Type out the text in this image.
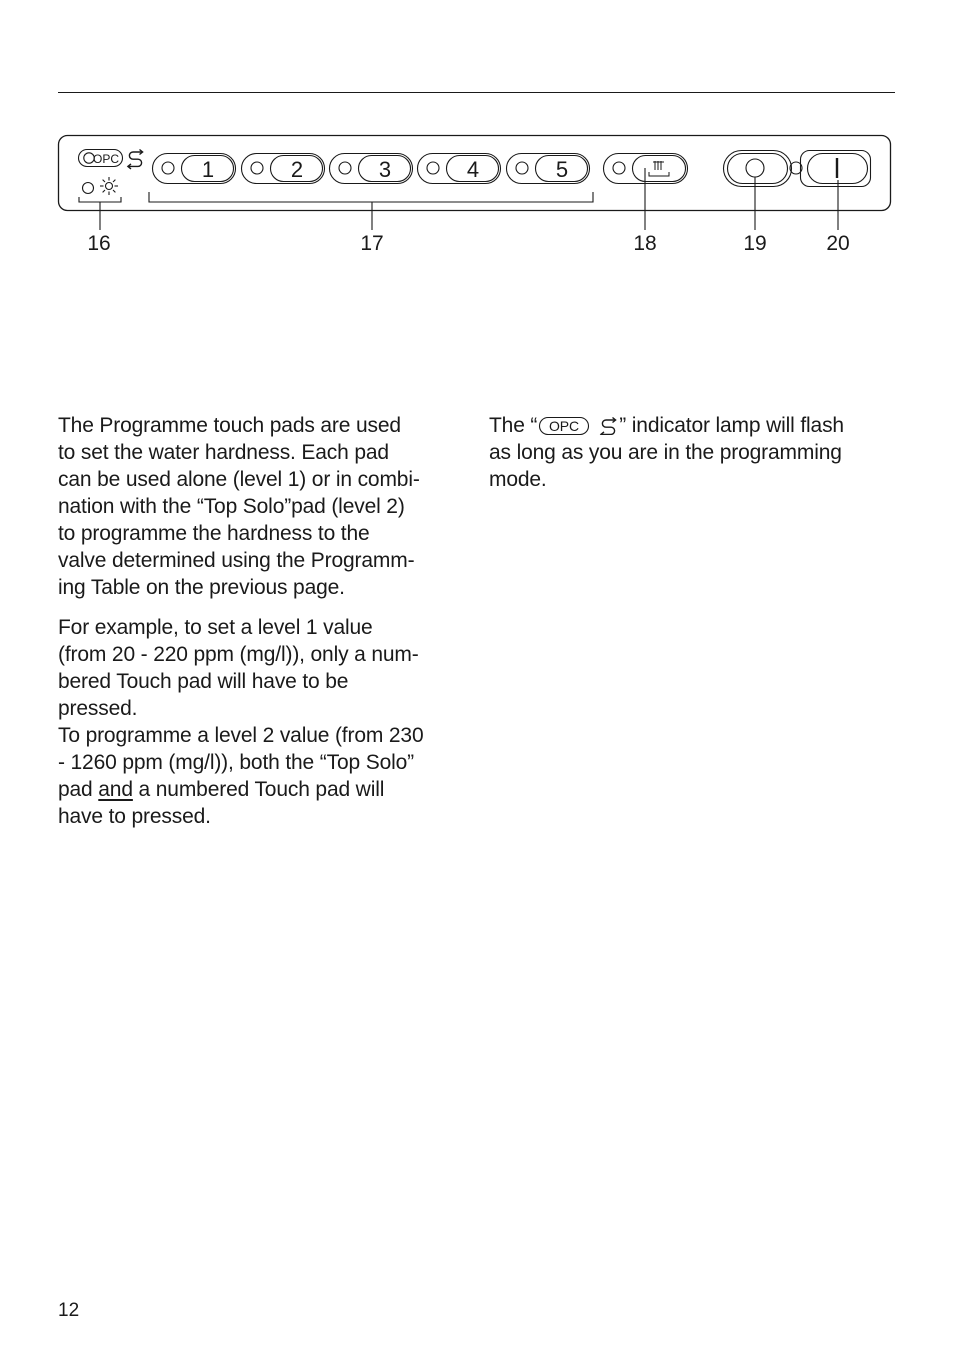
OPC	1	2	3	4	5
16	17	18	19	20

The Programme touch pads are used
to set the water hardness. Each pad
can be used alone (level 1) or in combi-
nation with the “Top Solo”pad (level 2)
to programme the hardness to the
valve determined using the Programm-
ing Table on the previous page.

For example, to set a level 1 value
(from 20 - 220 ppm (mg/l)), only a num-
bered Touch pad will have to be
pressed.
To programme a level 2 value (from 230
- 1260 ppm (mg/l)), both the “Top Solo”
pad and a numbered Touch pad will
have to pressed.

The “ OPC ” indicator lamp will flash
as long as you are in the programming
mode.

12
